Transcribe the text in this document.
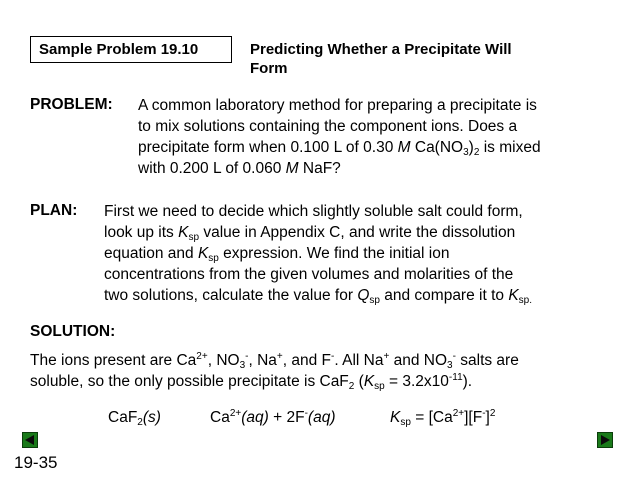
Sample Problem 19.10	Predicting Whether a Precipitate Will
Form
PROBLEM: A common laboratory method for preparing a precipitate is
to mix solutions containing the component ions. Does a
precipitate form when 0.100 L of 0.30 M $Ca(NO_3)_2$ is mixed
with 0.200 L of 0.060 M NaF?
PLAN: First we need to decide which slightly soluble salt could form,
look up its $K_{sp}$ value in Appendix C, and write the dissolution
equation and $K_{sp}$ expression. We find the initial ion
concentrations from the given volumes and molarities of the
two solutions, calculate the value for $Q_{sp}$ and compare it to $K_{sp.}$
SOLUTION:
The ions present are $Ca^{2+}$, $NO_3^-$, Na+, and F-. All Na+ and $NO_3^-$ salts are
soluble, so the only possible precipitate is CaF$_2$ $(K_{sp} = 3.2x10^{-11})$.
CaF$_2$(s)	$Ca^{2+}(aq) + 2F^-(aq)$	$K_{sp} = [Ca^{2+}][F^-]^2$
19-35
